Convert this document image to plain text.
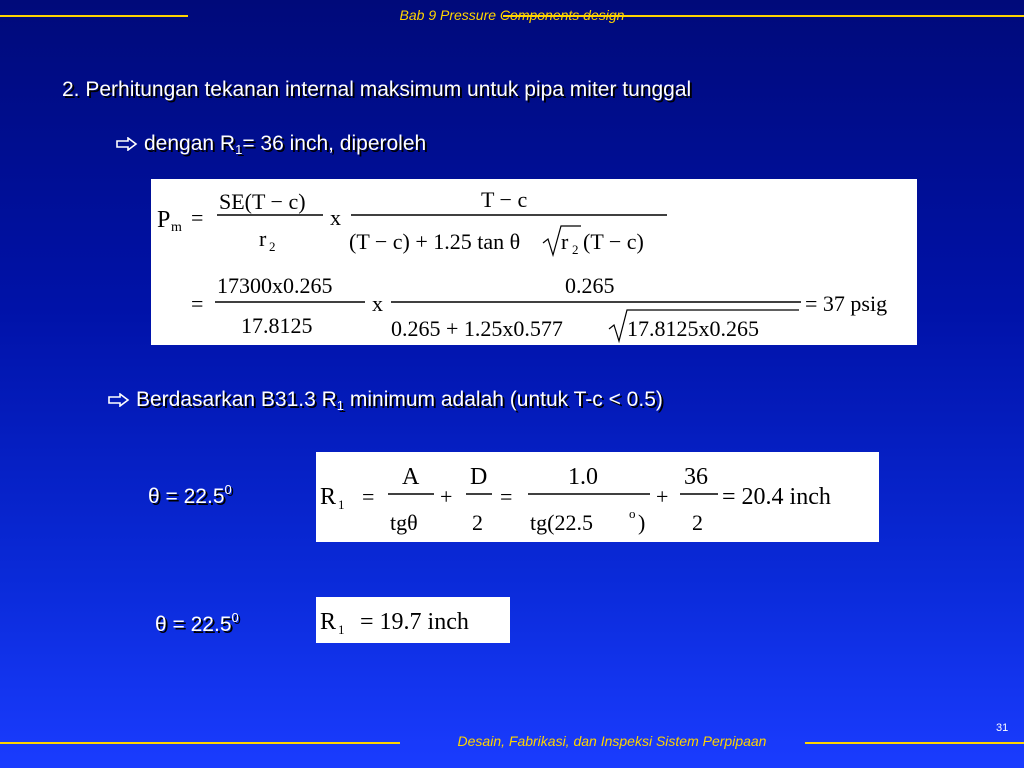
Bab 9 Pressure Components design
2. Perhitungan tekanan internal maksimum untuk pipa miter tunggal
dengan $R_1= 36$ inch, diperoleh
P m =
SE(T − c)
r 2
x
T − c
(T − c) + 1.25 tan θ r 2 (T − c)
=
17300x0.265
17.8125
x
0.265
0.265 + 1.25x0.577	17.8125x0.265
= 37 psig
Berdasarkan B31.3 $R_1$ minimum adalah (untuk T-c < 0.5)
$\theta = 22.5^0$
$\theta = 22.5^0$
R 1 =
A
tgθ
+
D
2
=
1.0
tg(22.5	o )
+
36
2
= 20.4 inch
R 1 = 19.7 inch
31
Desain, Fabrikasi, dan Inspeksi Sistem Perpipaan
